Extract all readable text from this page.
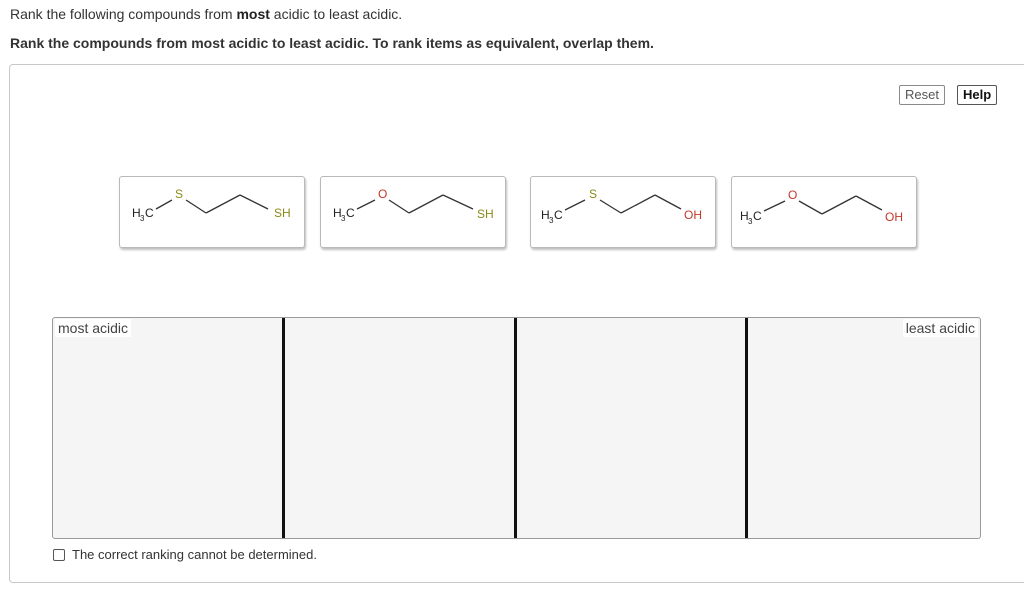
Rank the following compounds from most acidic to least acidic.
Rank the compounds from most acidic to least acidic. To rank items as equivalent, overlap them.
Reset	Help
H 3 C
S
SH	H 3 C
O
SH	H 3 C
S
OH	H 3 C
O
OH
most acidic	least acidic
The correct ranking cannot be determined.
